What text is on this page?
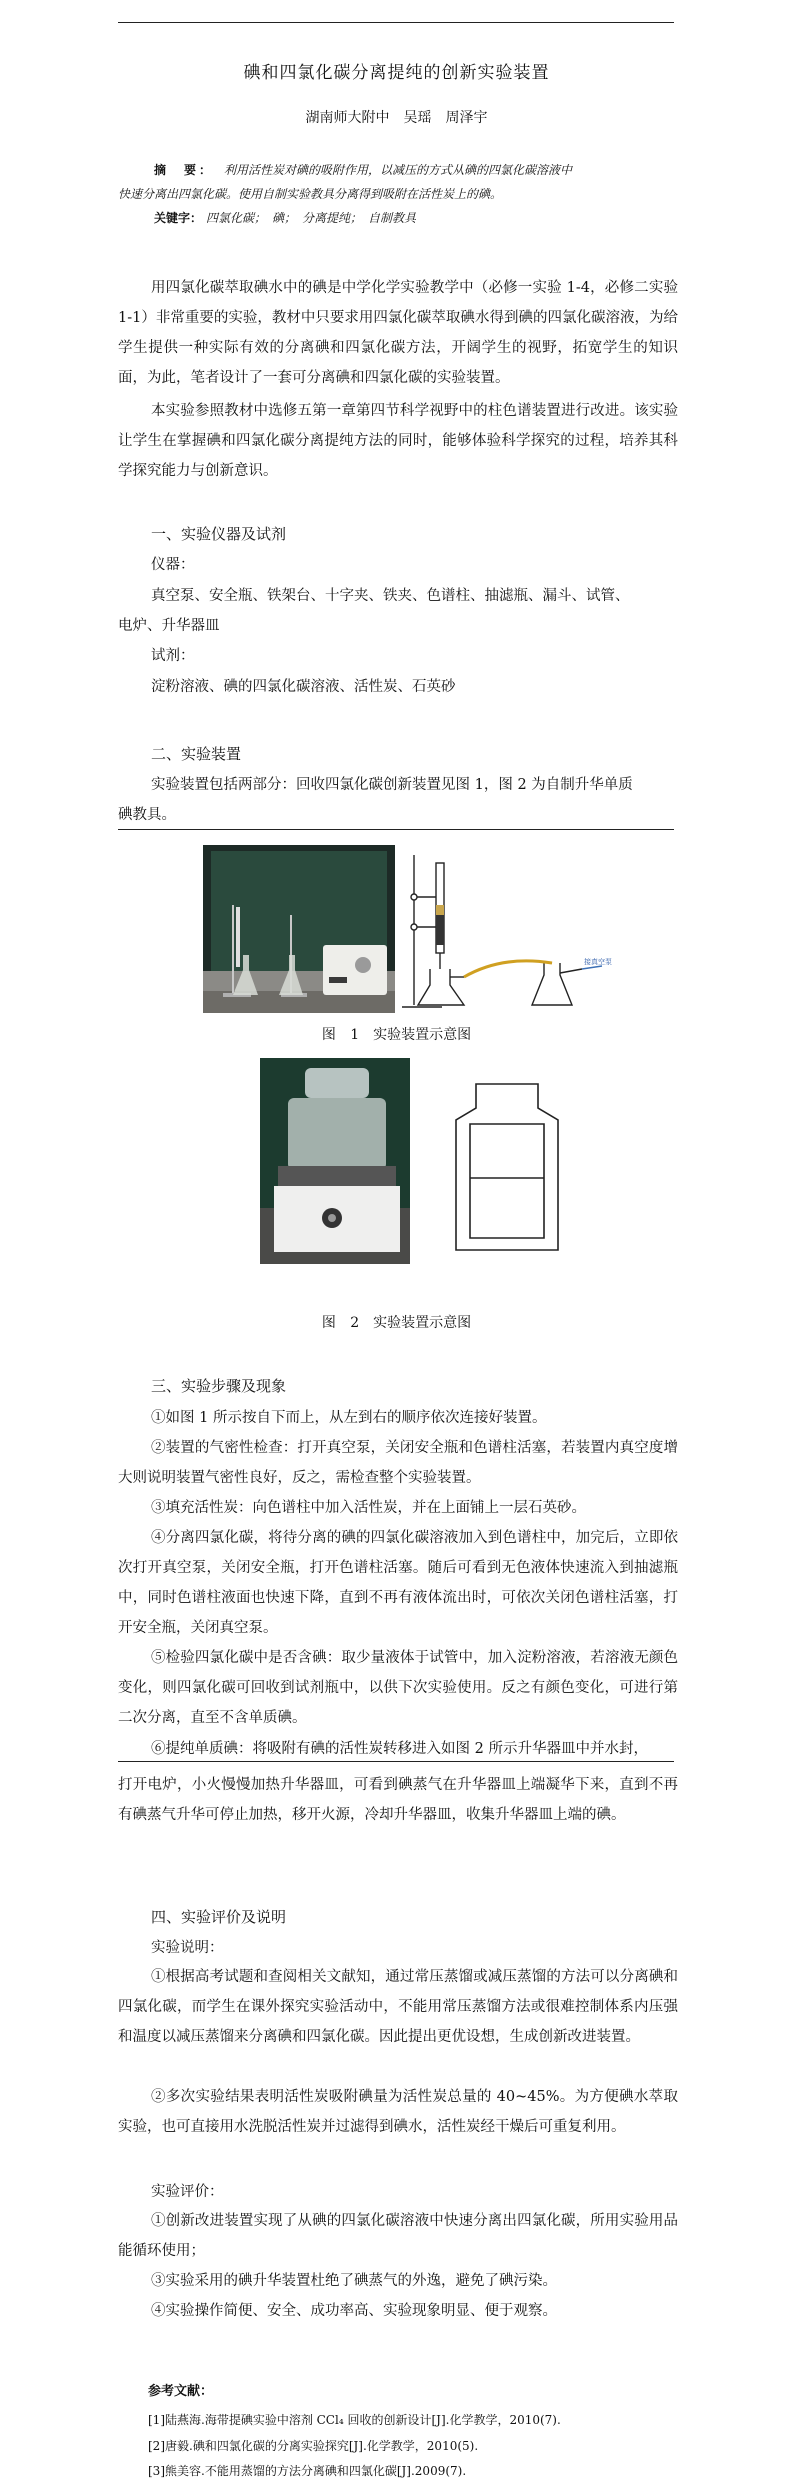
碘和四氯化碳分离提纯的创新实验装置
湖南师大附中　吴瑶　周泽宇
摘　要： 利用活性炭对碘的吸附作用，以减压的方式从碘的四氯化碳溶液中
快速分离出四氯化碳。使用自制实验教具分离得到吸附在活性炭上的碘。
关键字： 四氯化碳；　碘；　分离提纯；　自制教具
用四氯化碳萃取碘水中的碘是中学化学实验教学中（必修一实验 1-4，必修二实验 1-1）非常重要的实验，教材中只要求用四氯化碳萃取碘水得到碘的四氯化碳溶液，为给学生提供一种实际有效的分离碘和四氯化碳方法，开阔学生的视野，拓宽学生的知识面，为此，笔者设计了一套可分离碘和四氯化碳的实验装置。
本实验参照教材中选修五第一章第四节科学视野中的柱色谱装置进行改进。该实验让学生在掌握碘和四氯化碳分离提纯方法的同时，能够体验科学探究的过程，培养其科学探究能力与创新意识。
一、实验仪器及试剂
仪器：
真空泵、安全瓶、铁架台、十字夹、铁夹、色谱柱、抽滤瓶、漏斗、试管、
电炉、升华器皿
试剂：
淀粉溶液、碘的四氯化碳溶液、活性炭、石英砂
二、实验装置
实验装置包括两部分：回收四氯化碳创新装置见图 1，图 2 为自制升华单质
碘教具。
接真空泵
图 1　实验装置示意图
图 2　实验装置示意图
三、实验步骤及现象
①如图 1 所示按自下而上，从左到右的顺序依次连接好装置。
②装置的气密性检查：打开真空泵，关闭安全瓶和色谱柱活塞，若装置内真空度增大则说明装置气密性良好，反之，需检查整个实验装置。
③填充活性炭：向色谱柱中加入活性炭，并在上面铺上一层石英砂。
④分离四氯化碳，将待分离的碘的四氯化碳溶液加入到色谱柱中，加完后，立即依次打开真空泵，关闭安全瓶，打开色谱柱活塞。随后可看到无色液体快速流入到抽滤瓶中，同时色谱柱液面也快速下降，直到不再有液体流出时，可依次关闭色谱柱活塞，打开安全瓶，关闭真空泵。
⑤检验四氯化碳中是否含碘：取少量液体于试管中，加入淀粉溶液，若溶液无颜色变化，则四氯化碳可回收到试剂瓶中，以供下次实验使用。反之有颜色变化，可进行第二次分离，直至不含单质碘。
⑥提纯单质碘：将吸附有碘的活性炭转移进入如图 2 所示升华器皿中并水封，
打开电炉，小火慢慢加热升华器皿，可看到碘蒸气在升华器皿上端凝华下来，直到不再有碘蒸气升华可停止加热，移开火源，冷却升华器皿，收集升华器皿上端的碘。
四、实验评价及说明
实验说明：
①根据高考试题和查阅相关文献知，通过常压蒸馏或减压蒸馏的方法可以分离碘和四氯化碳，而学生在课外探究实验活动中，不能用常压蒸馏方法或很难控制体系内压强和温度以减压蒸馏来分离碘和四氯化碳。因此提出更优设想，生成创新改进装置。
②多次实验结果表明活性炭吸附碘量为活性炭总量的 40~45%。为方便碘水萃取实验，也可直接用水洗脱活性炭并过滤得到碘水，活性炭经干燥后可重复利用。
实验评价：
①创新改进装置实现了从碘的四氯化碳溶液中快速分离出四氯化碳，所用实验用品能循环使用；
③实验采用的碘升华装置杜绝了碘蒸气的外逸，避免了碘污染。
④实验操作简便、安全、成功率高、实验现象明显、便于观察。
参考文献：
[1]陆燕海.海带提碘实验中溶剂 CCl₄ 回收的创新设计[J].化学教学，2010(7).
[2]唐毅.碘和四氯化碳的分离实验探究[J].化学教学，2010(5).
[3]熊美容.不能用蒸馏的方法分离碘和四氯化碳[J].2009(7).
